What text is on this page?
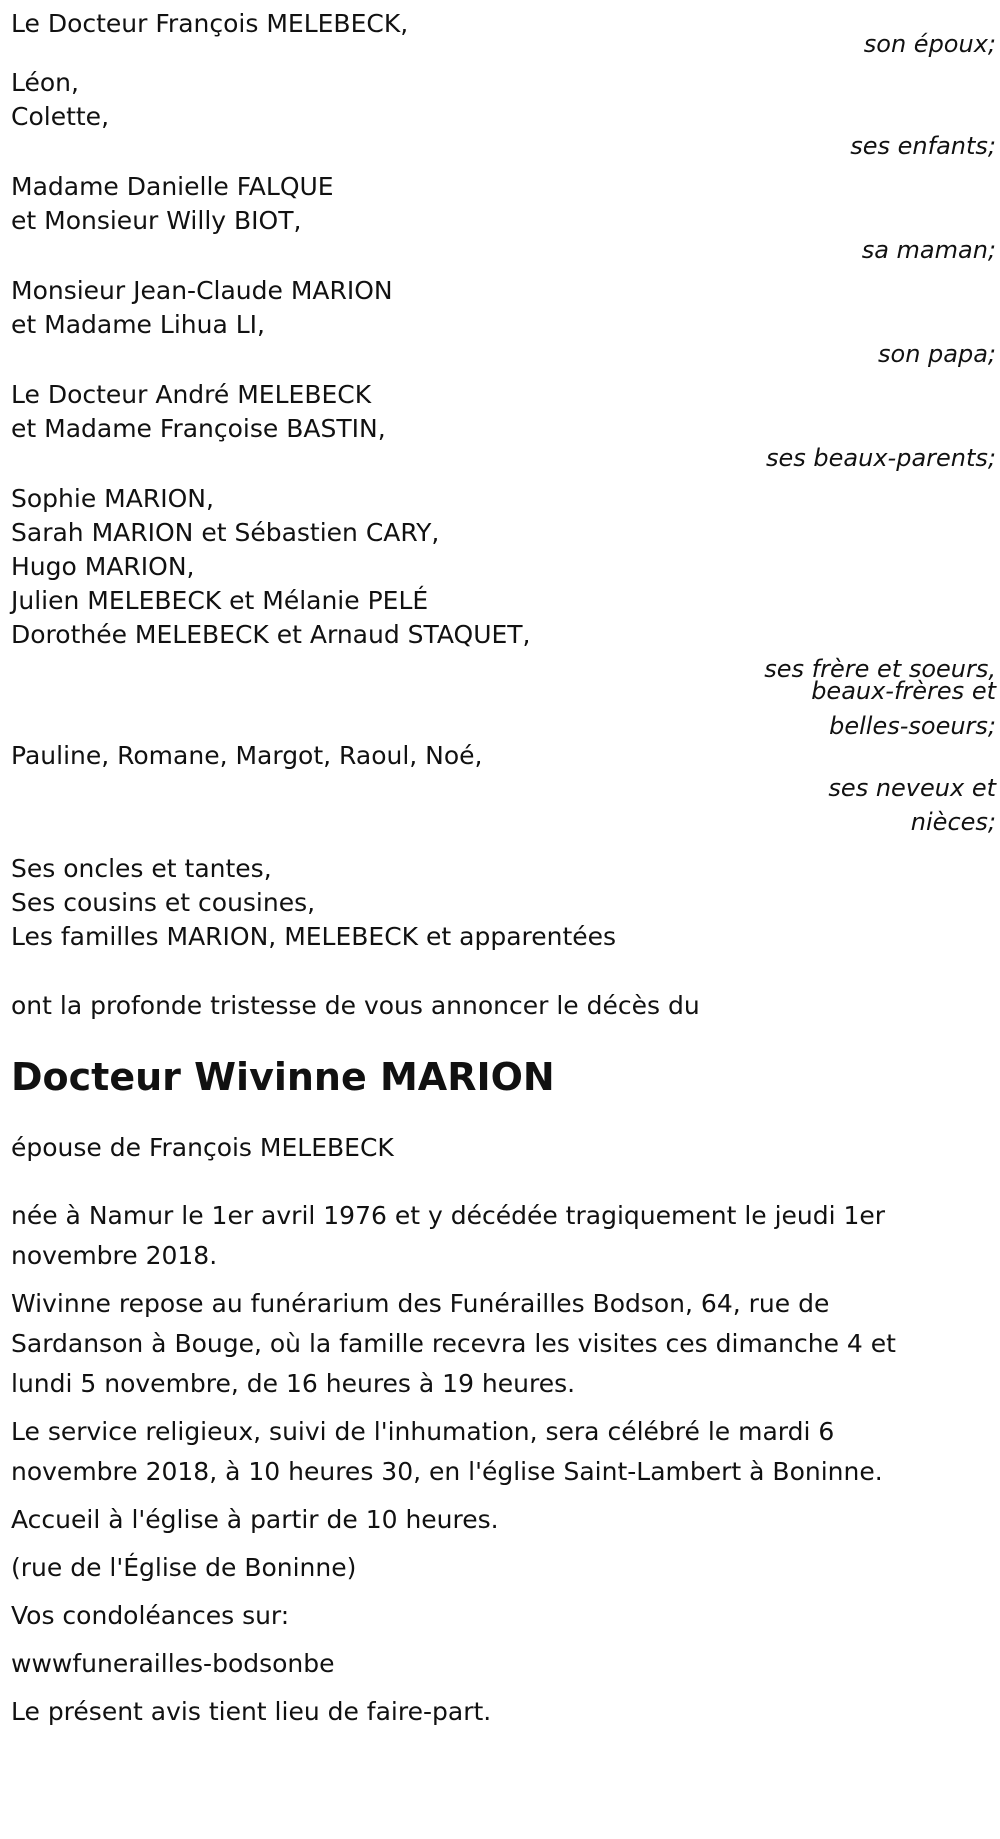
Le Docteur François MELEBECK,
son époux;
Léon,
Colette,
ses enfants;
Madame Danielle FALQUE
et Monsieur Willy BIOT,
sa maman;
Monsieur Jean-Claude MARION
et Madame Lihua LI,
son papa;
Le Docteur André MELEBECK
et Madame Françoise BASTIN,
ses beaux-parents;
Sophie MARION,
Sarah MARION et Sébastien CARY,
Hugo MARION,
Julien MELEBECK et Mélanie PELÉ
Dorothée MELEBECK et Arnaud STAQUET,
ses frère et soeurs,
beaux-frères et
belles-soeurs;
Pauline, Romane, Margot, Raoul, Noé,
ses neveux et
nièces;
Ses oncles et tantes,
Ses cousins et cousines,
Les familles MARION, MELEBECK et apparentées
ont la profonde tristesse de vous annoncer le décès du
Docteur Wivinne MARION
épouse de François MELEBECK

née à Namur le 1er avril 1976 et y décédée tragiquement le jeudi 1er novembre 2018.

Wivinne repose au funérarium des Funérailles Bodson, 64, rue de Sardanson à Bouge, où la famille recevra les visites ces dimanche 4 et lundi 5 novembre, de 16 heures à 19 heures.

Le service religieux, suivi de l'inhumation, sera célébré le mardi 6 novembre 2018, à 10 heures 30, en l'église Saint-Lambert à Boninne.

Accueil à l'église à partir de 10 heures.

(rue de l'Église de Boninne)

Vos condoléances sur:

wwwfunerailles-bodsonbe

Le présent avis tient lieu de faire-part.
